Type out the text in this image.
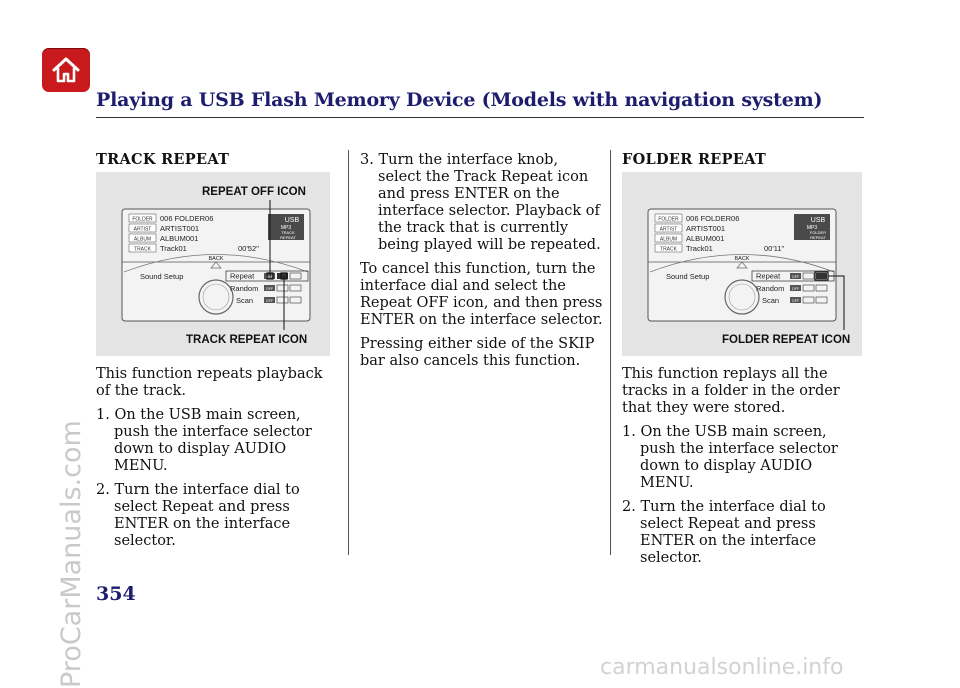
Playing a USB Flash Memory Device (Models with navigation system)
TRACK REPEAT
FOLDER
ARTIST
ALBUM
TRACK
006 FOLDER06
ARTIST001
ALBUM001
Track01	00'52''
USB
MP3
TRACK
REPEAT
BACK
Sound Setup	Repeat
Random
Scan
OFF
OFF
OFF
REPEAT OFF ICON
TRACK REPEAT ICON

This function repeats playback of the track.

1. On the USB main screen, push the interface selector down to display AUDIO MENU.

2. Turn the interface dial to select Repeat and press ENTER on the interface selector.

3. Turn the interface knob, select the Track Repeat icon and press ENTER on the interface selector. Playback of the track that is currently being played will be repeated.

To cancel this function, turn the interface dial and select the Repeat OFF icon, and then press ENTER on the interface selector.

Pressing either side of the SKIP bar also cancels this function.

FOLDER REPEAT
FOLDER
ARTIST
ALBUM
TRACK
006 FOLDER06
ARTIST001
ALBUM001
Track01	00'11''
USB
MP3
FOLDER
REPEAT
BACK
Sound Setup	Repeat
Random
Scan
OFF
OFF
OFF
FOLDER REPEAT ICON

This function replays all the tracks in a folder in the order that they were stored.

1. On the USB main screen, push the interface selector down to display AUDIO MENU.

2. Turn the interface dial to select Repeat and press ENTER on the interface selector.

354
ProCarManuals.com	carmanualsonline.info
